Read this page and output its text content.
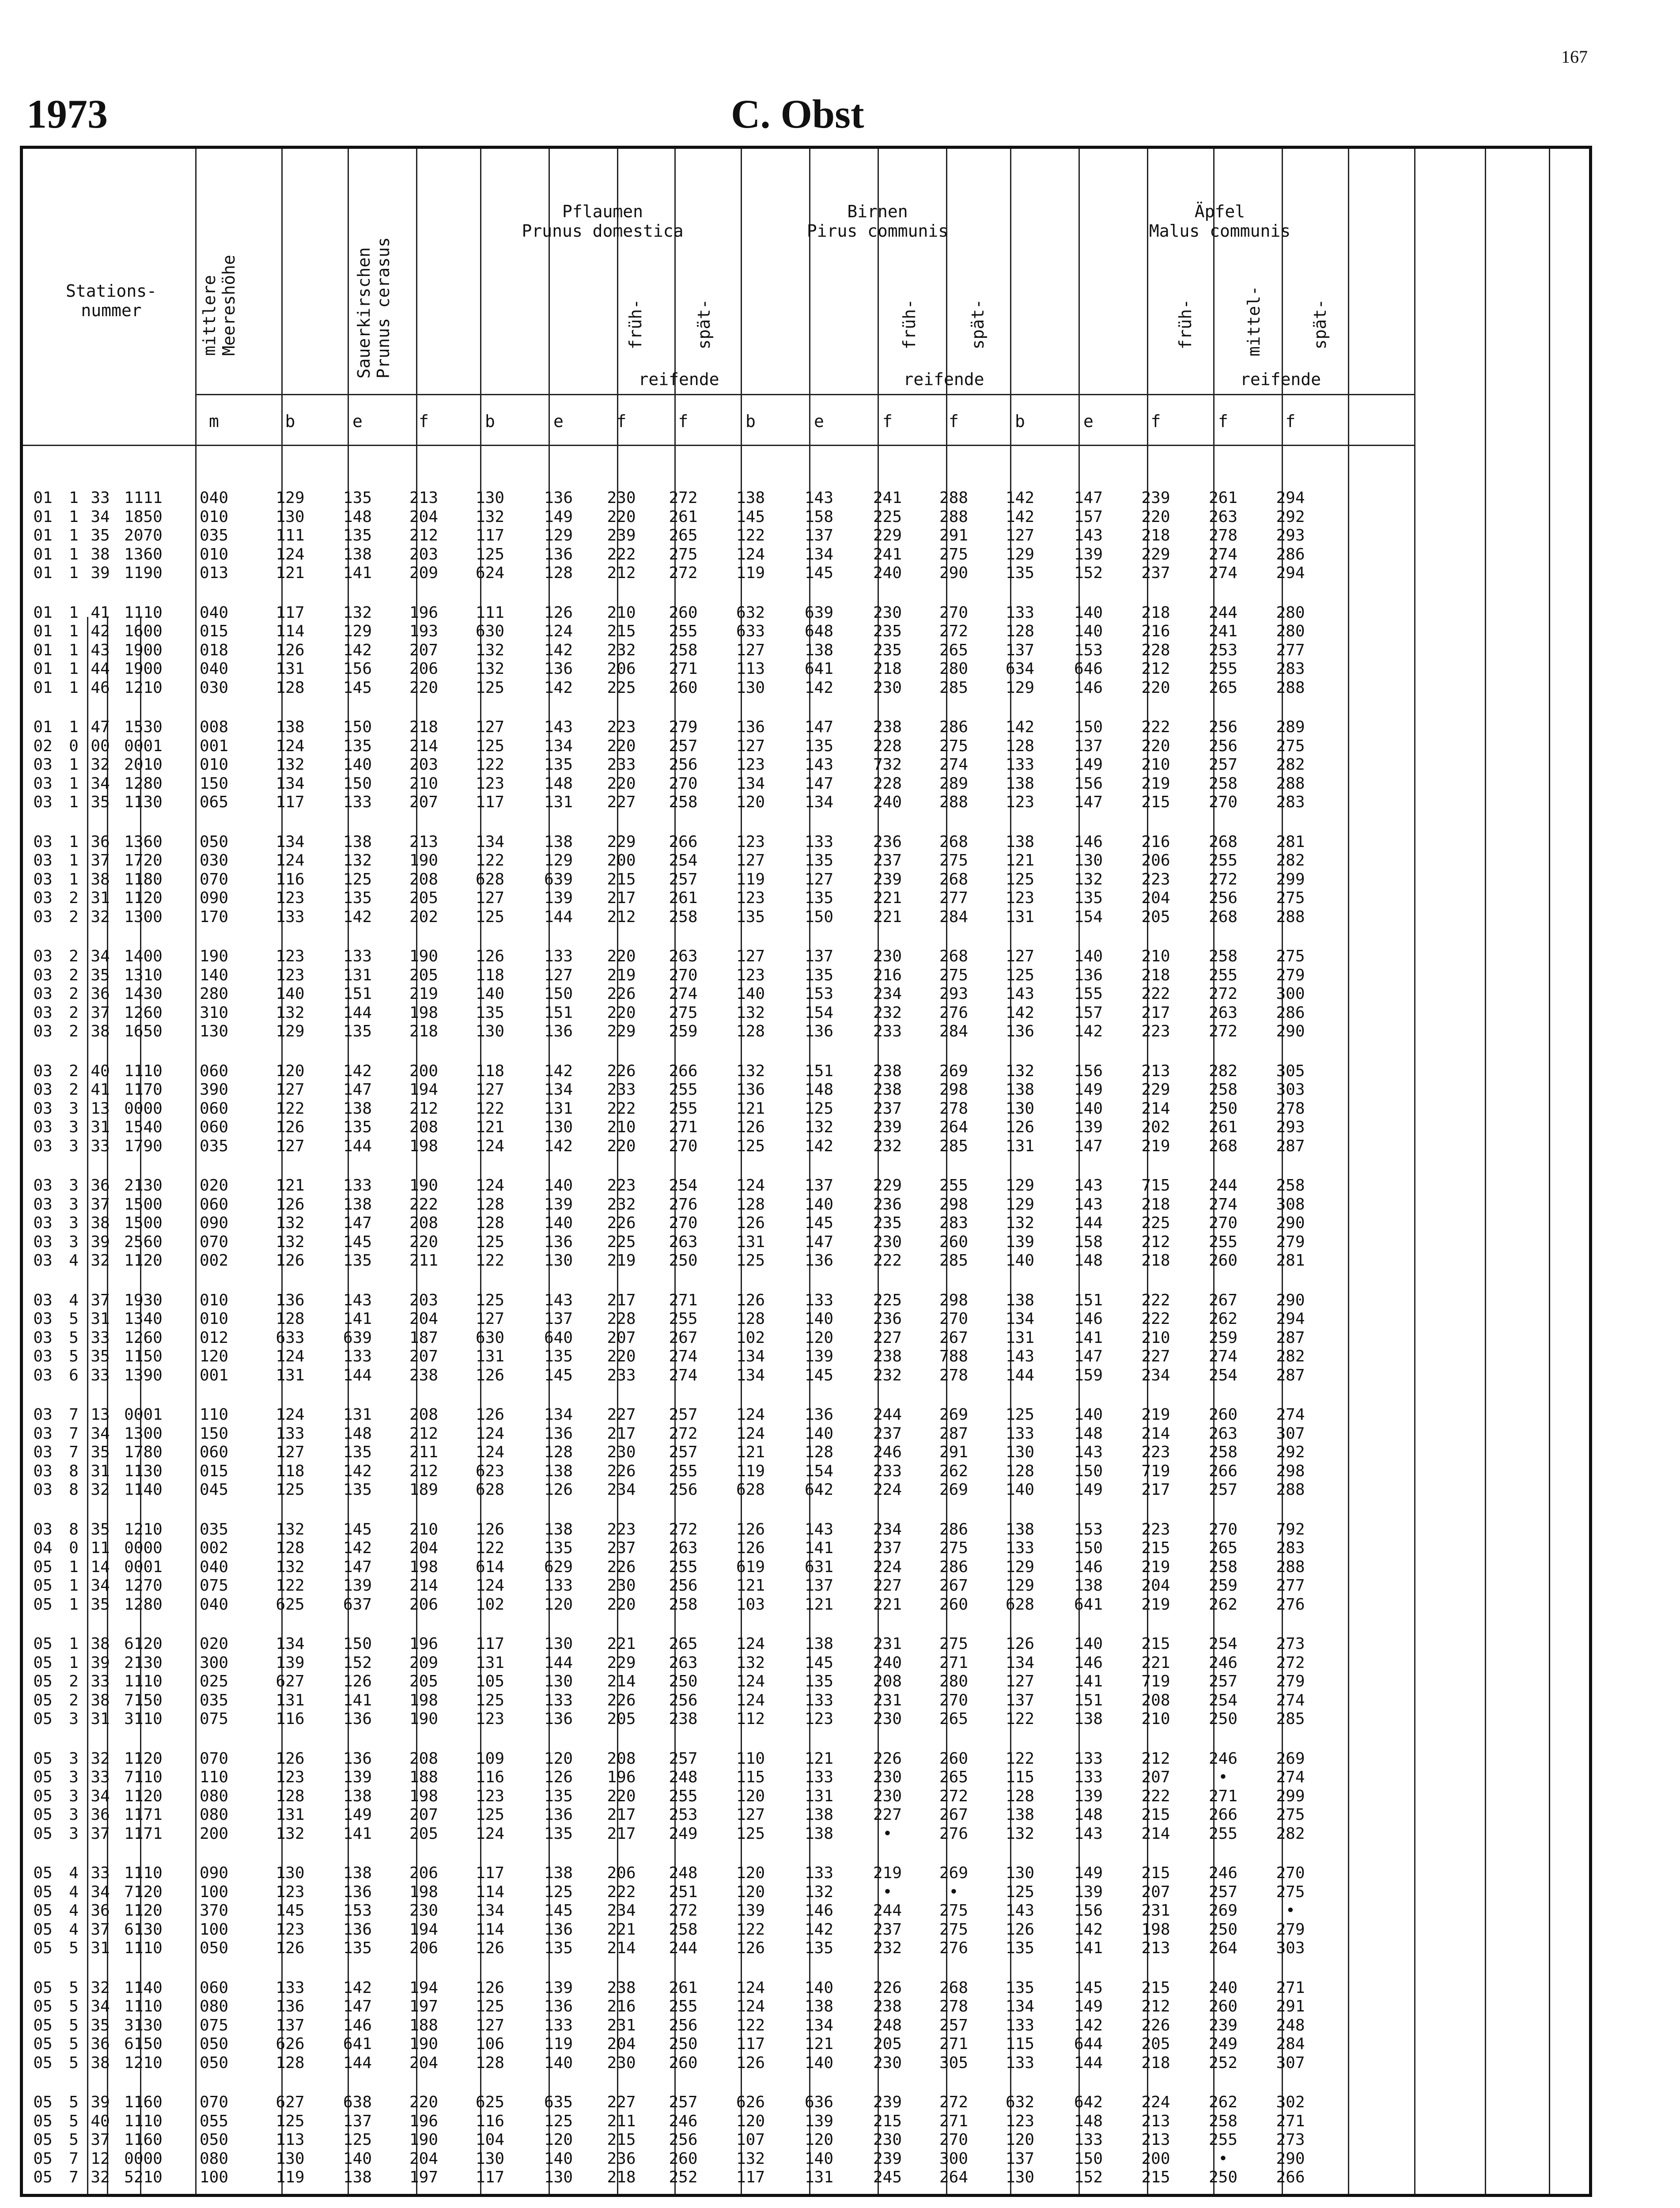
167
1973	C. Obst
Stations-
nummer	mittlere
Meereshöhe	Sauerkirschen
Prunus cerasus
Pflaumen
Prunus domestica
früh-	spät-
reifende
Birnen
Pirus communis
früh-	spät-
reifende
Äpfel
Malus communis
früh-	mittel-	spät-
reifende
m	b	e	f	b	e	f	f	b	e	f	f	b	e	f	f	f
01	1 33 1111	040	129	135	213	130	136	230	272	138	143	241	288	142	147	239	261	294
01	1 34 1850	010	130	148	204	132	149	220	261	145	158	225	288	142	157	220	263	292
01	1 35 2070	035	111	135	212	117	129	239	265	122	137	229	291	127	143	218	278	293
01	1 38 1360	010	124	138	203	125	136	222	275	124	134	241	275	129	139	229	274	286
01	1 39 1190	013	121	141	209	624	128	212	272	119	145	240	290	135	152	237	274	294
01	1 41 1110	040	117	132	196	111	126	210	260	632	639	230	270	133	140	218	244	280
01	1 42 1600	015	114	129	193	630	124	215	255	633	648	235	272	128	140	216	241	280
01	1 43 1900	018	126	142	207	132	142	232	258	127	138	235	265	137	153	228	253	277
01	1 44 1900	040	131	156	206	132	136	206	271	113	641	218	280	634	646	212	255	283
01	1 46 1210	030	128	145	220	125	142	225	260	130	142	230	285	129	146	220	265	288
01	1 47 1530	008	138	150	218	127	143	223	279	136	147	238	286	142	150	222	256	289
02	0 00 0001	001	124	135	214	125	134	220	257	127	135	228	275	128	137	220	256	275
03	1 32 2010	010	132	140	203	122	135	233	256	123	143	732	274	133	149	210	257	282
03	1 34 1280	150	134	150	210	123	148	220	270	134	147	228	289	138	156	219	258	288
03	1 35 1130	065	117	133	207	117	131	227	258	120	134	240	288	123	147	215	270	283
03	1 36 1360	050	134	138	213	134	138	229	266	123	133	236	268	138	146	216	268	281
03	1 37 1720	030	124	132	190	122	129	200	254	127	135	237	275	121	130	206	255	282
03	1 38 1180	070	116	125	208	628	639	215	257	119	127	239	268	125	132	223	272	299
03	2 31 1120	090	123	135	205	127	139	217	261	123	135	221	277	123	135	204	256	275
03	2 32 1300	170	133	142	202	125	144	212	258	135	150	221	284	131	154	205	268	288
03	2 34 1400	190	123	133	190	126	133	220	263	127	137	230	268	127	140	210	258	275
03	2 35 1310	140	123	131	205	118	127	219	270	123	135	216	275	125	136	218	255	279
03	2 36 1430	280	140	151	219	140	150	226	274	140	153	234	293	143	155	222	272	300
03	2 37 1260	310	132	144	198	135	151	220	275	132	154	232	276	142	157	217	263	286
03	2 38 1650	130	129	135	218	130	136	229	259	128	136	233	284	136	142	223	272	290
03	2 40 1110	060	120	142	200	118	142	226	266	132	151	238	269	132	156	213	282	305
03	2 41 1170	390	127	147	194	127	134	233	255	136	148	238	298	138	149	229	258	303
03	3 13 0000	060	122	138	212	122	131	222	255	121	125	237	278	130	140	214	250	278
03	3 31 1540	060	126	135	208	121	130	210	271	126	132	239	264	126	139	202	261	293
03	3 33 1790	035	127	144	198	124	142	220	270	125	142	232	285	131	147	219	268	287
03	3 36 2130	020	121	133	190	124	140	223	254	124	137	229	255	129	143	715	244	258
03	3 37 1500	060	126	138	222	128	139	232	276	128	140	236	298	129	143	218	274	308
03	3 38 1500	090	132	147	208	128	140	226	270	126	145	235	283	132	144	225	270	290
03	3 39 2560	070	132	145	220	125	136	225	263	131	147	230	260	139	158	212	255	279
03	4 32 1120	002	126	135	211	122	130	219	250	125	136	222	285	140	148	218	260	281
03	4 37 1930	010	136	143	203	125	143	217	271	126	133	225	298	138	151	222	267	290
03	5 31 1340	010	128	141	204	127	137	228	255	128	140	236	270	134	146	222	262	294
03	5 33 1260	012	633	639	187	630	640	207	267	102	120	227	267	131	141	210	259	287
03	5 35 1150	120	124	133	207	131	135	220	274	134	139	238	788	143	147	227	274	282
03	6 33 1390	001	131	144	238	126	145	233	274	134	145	232	278	144	159	234	254	287
03	7 13 0001	110	124	131	208	126	134	227	257	124	136	244	269	125	140	219	260	274
03	7 34 1300	150	133	148	212	124	136	217	272	124	140	237	287	133	148	214	263	307
03	7 35 1780	060	127	135	211	124	128	230	257	121	128	246	291	130	143	223	258	292
03	8 31 1130	015	118	142	212	623	138	226	255	119	154	233	262	128	150	719	266	298
03	8 32 1140	045	125	135	189	628	126	234	256	628	642	224	269	140	149	217	257	288
03	8 35 1210	035	132	145	210	126	138	223	272	126	143	234	286	138	153	223	270	792
04	0 11 0000	002	128	142	204	122	135	237	263	126	141	237	275	133	150	215	265	283
05	1 14 0001	040	132	147	198	614	629	226	255	619	631	224	286	129	146	219	258	288
05	1 34 1270	075	122	139	214	124	133	230	256	121	137	227	267	129	138	204	259	277
05	1 35 1280	040	625	637	206	102	120	220	258	103	121	221	260	628	641	219	262	276
05	1 38 6120	020	134	150	196	117	130	221	265	124	138	231	275	126	140	215	254	273
05	1 39 2130	300	139	152	209	131	144	229	263	132	145	240	271	134	146	221	246	272
05	2 33 1110	025	627	126	205	105	130	214	250	124	135	208	280	127	141	719	257	279
05	2 38 7150	035	131	141	198	125	133	226	256	124	133	231	270	137	151	208	254	274
05	3 31 3110	075	116	136	190	123	136	205	238	112	123	230	265	122	138	210	250	285
05	3 32 1120	070	126	136	208	109	120	208	257	110	121	226	260	122	133	212	246	269
05	3 33 7110	110	123	139	188	116	126	196	248	115	133	230	265	115	133	207	•	274
05	3 34 1120	080	128	138	198	123	135	220	255	120	131	230	272	128	139	222	271	299
05	3 36 1171	080	131	149	207	125	136	217	253	127	138	227	267	138	148	215	266	275
05	3 37 1171	200	132	141	205	124	135	217	249	125	138	•	276	132	143	214	255	282
05	4 33 1110	090	130	138	206	117	138	206	248	120	133	219	269	130	149	215	246	270
05	4 34 7120	100	123	136	198	114	125	222	251	120	132	•	•	125	139	207	257	275
05	4 36 1120	370	145	153	230	134	145	234	272	139	146	244	275	143	156	231	269	•
05	4 37 6130	100	123	136	194	114	136	221	258	122	142	237	275	126	142	198	250	279
05	5 31 1110	050	126	135	206	126	135	214	244	126	135	232	276	135	141	213	264	303
05	5 32 1140	060	133	142	194	126	139	238	261	124	140	226	268	135	145	215	240	271
05	5 34 1110	080	136	147	197	125	136	216	255	124	138	238	278	134	149	212	260	291
05	5 35 3130	075	137	146	188	127	133	231	256	122	134	248	257	133	142	226	239	248
05	5 36 6150	050	626	641	190	106	119	204	250	117	121	205	271	115	644	205	249	284
05	5 38 1210	050	128	144	204	128	140	230	260	126	140	230	305	133	144	218	252	307
05	5 39 1160	070	627	638	220	625	635	227	257	626	636	239	272	632	642	224	262	302
05	5 40 1110	055	125	137	196	116	125	211	246	120	139	215	271	123	148	213	258	271
05	5 37 1160	050	113	125	190	104	120	215	256	107	120	230	270	120	133	213	255	273
05	7 12 0000	080	130	140	204	130	140	236	260	132	140	239	300	137	150	200	•	290
05	7 32 5210	100	119	138	197	117	130	218	252	117	131	245	264	130	152	215	250	266
